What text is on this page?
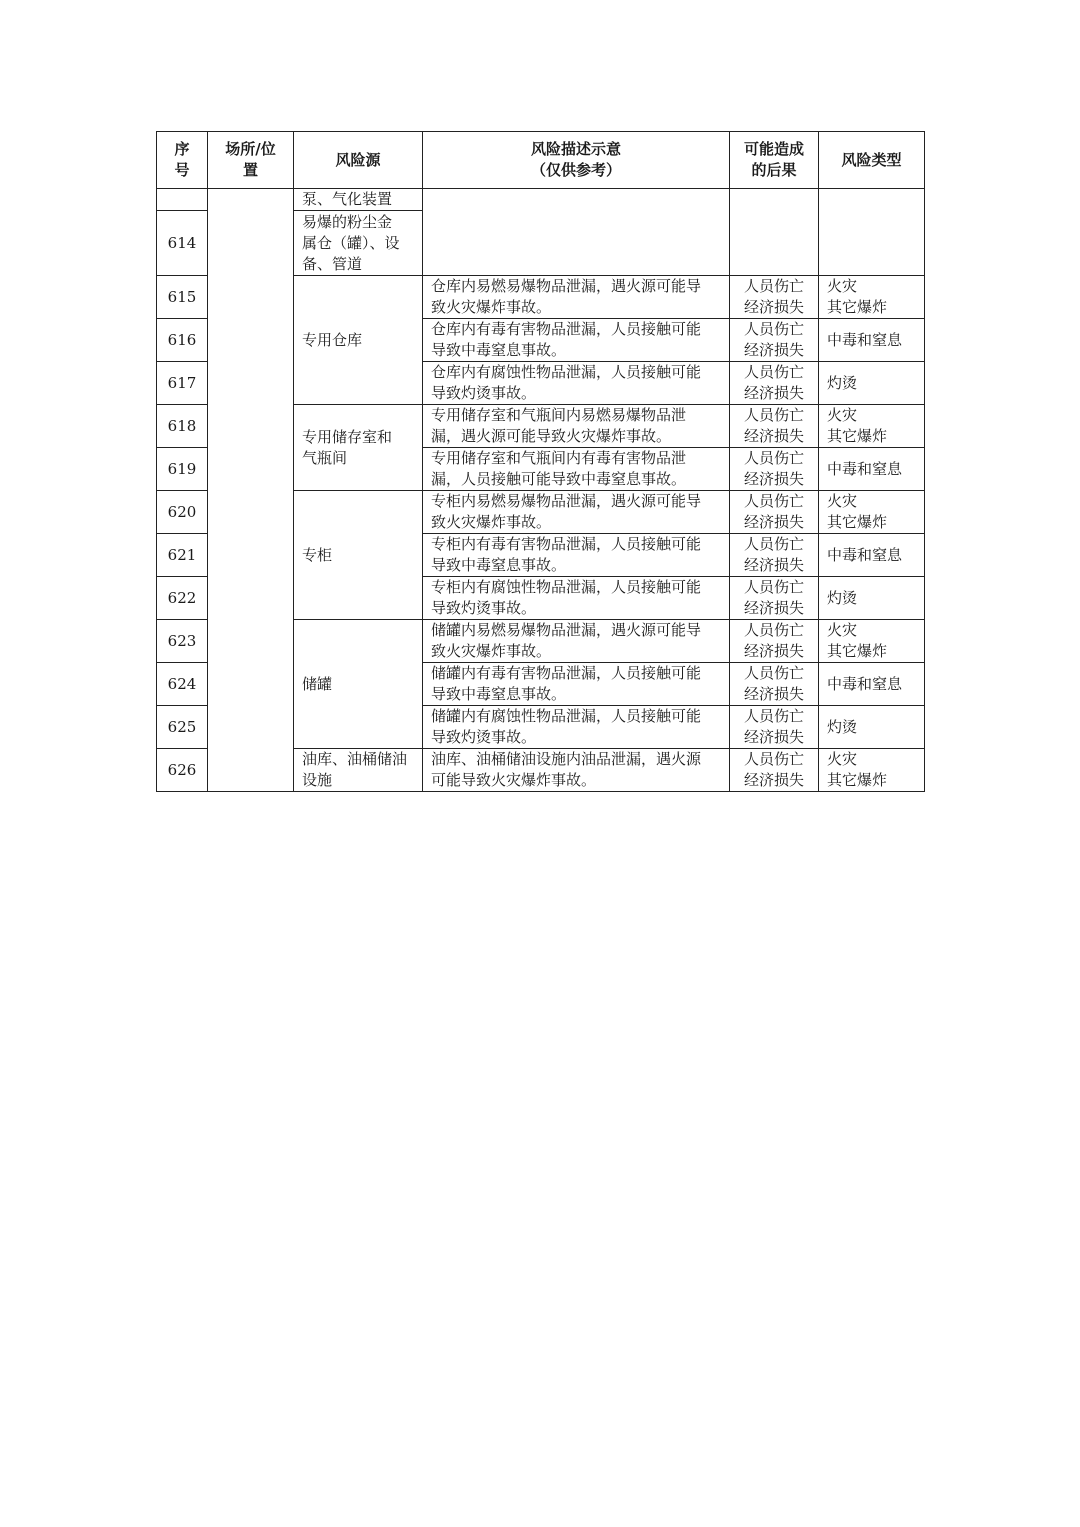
序
号	场所/位
置	风险源	风险描述示意
（仅供参考）	可能造成
的后果	风险类型

		泵、气化装置			

614		易爆的粉尘金
属仓（罐）、设
备、管道			

615		专用仓库	仓库内易燃易爆物品泄漏，遇火源可能导
致火灾爆炸事故。	人员伤亡
经济损失	火灾
其它爆炸

616			仓库内有毒有害物品泄漏，人员接触可能
导致中毒窒息事故。	人员伤亡
经济损失	中毒和窒息

617			仓库内有腐蚀性物品泄漏，人员接触可能
导致灼烫事故。	人员伤亡
经济损失	灼烫

618		专用储存室和
气瓶间	专用储存室和气瓶间内易燃易爆物品泄
漏，遇火源可能导致火灾爆炸事故。	人员伤亡
经济损失	火灾
其它爆炸

619			专用储存室和气瓶间内有毒有害物品泄
漏，人员接触可能导致中毒窒息事故。	人员伤亡
经济损失	中毒和窒息

620		专柜	专柜内易燃易爆物品泄漏，遇火源可能导
致火灾爆炸事故。	人员伤亡
经济损失	火灾
其它爆炸

621			专柜内有毒有害物品泄漏，人员接触可能
导致中毒窒息事故。	人员伤亡
经济损失	中毒和窒息

622			专柜内有腐蚀性物品泄漏，人员接触可能
导致灼烫事故。	人员伤亡
经济损失	灼烫

623		储罐	储罐内易燃易爆物品泄漏，遇火源可能导
致火灾爆炸事故。	人员伤亡
经济损失	火灾
其它爆炸

624			储罐内有毒有害物品泄漏，人员接触可能
导致中毒窒息事故。	人员伤亡
经济损失	中毒和窒息

625			储罐内有腐蚀性物品泄漏，人员接触可能
导致灼烫事故。	人员伤亡
经济损失	灼烫

626		油库、油桶储油
设施	油库、油桶储油设施内油品泄漏，遇火源
可能导致火灾爆炸事故。	人员伤亡
经济损失	火灾
其它爆炸
